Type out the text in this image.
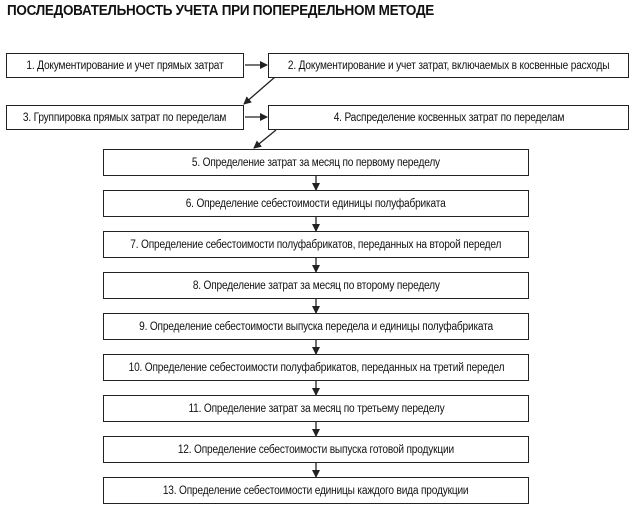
ПОСЛЕДОВАТЕЛЬНОСТЬ УЧЕТА ПРИ ПОПЕРЕДЕЛЬНОМ МЕТОДЕ
1. Документирование и учет прямых затрат	2. Документирование и учет затрат, включаемых в косвенные расходы
3. Группировка прямых затрат по переделам	4. Распределение косвенных затрат по переделам
5. Определение затрат за месяц по первому переделу
6. Определение себестоимости единицы полуфабриката
7. Определение себестоимости полуфабрикатов, переданных на второй передел
8. Определение затрат за месяц по второму переделу
9. Определение себестоимости выпуска передела и единицы полуфабриката
10. Определение себестоимости полуфабрикатов, переданных на третий передел
11. Определение затрат за месяц по третьему переделу
12. Определение себестоимости выпуска готовой продукции
13. Определение себестоимости единицы каждого вида продукции
